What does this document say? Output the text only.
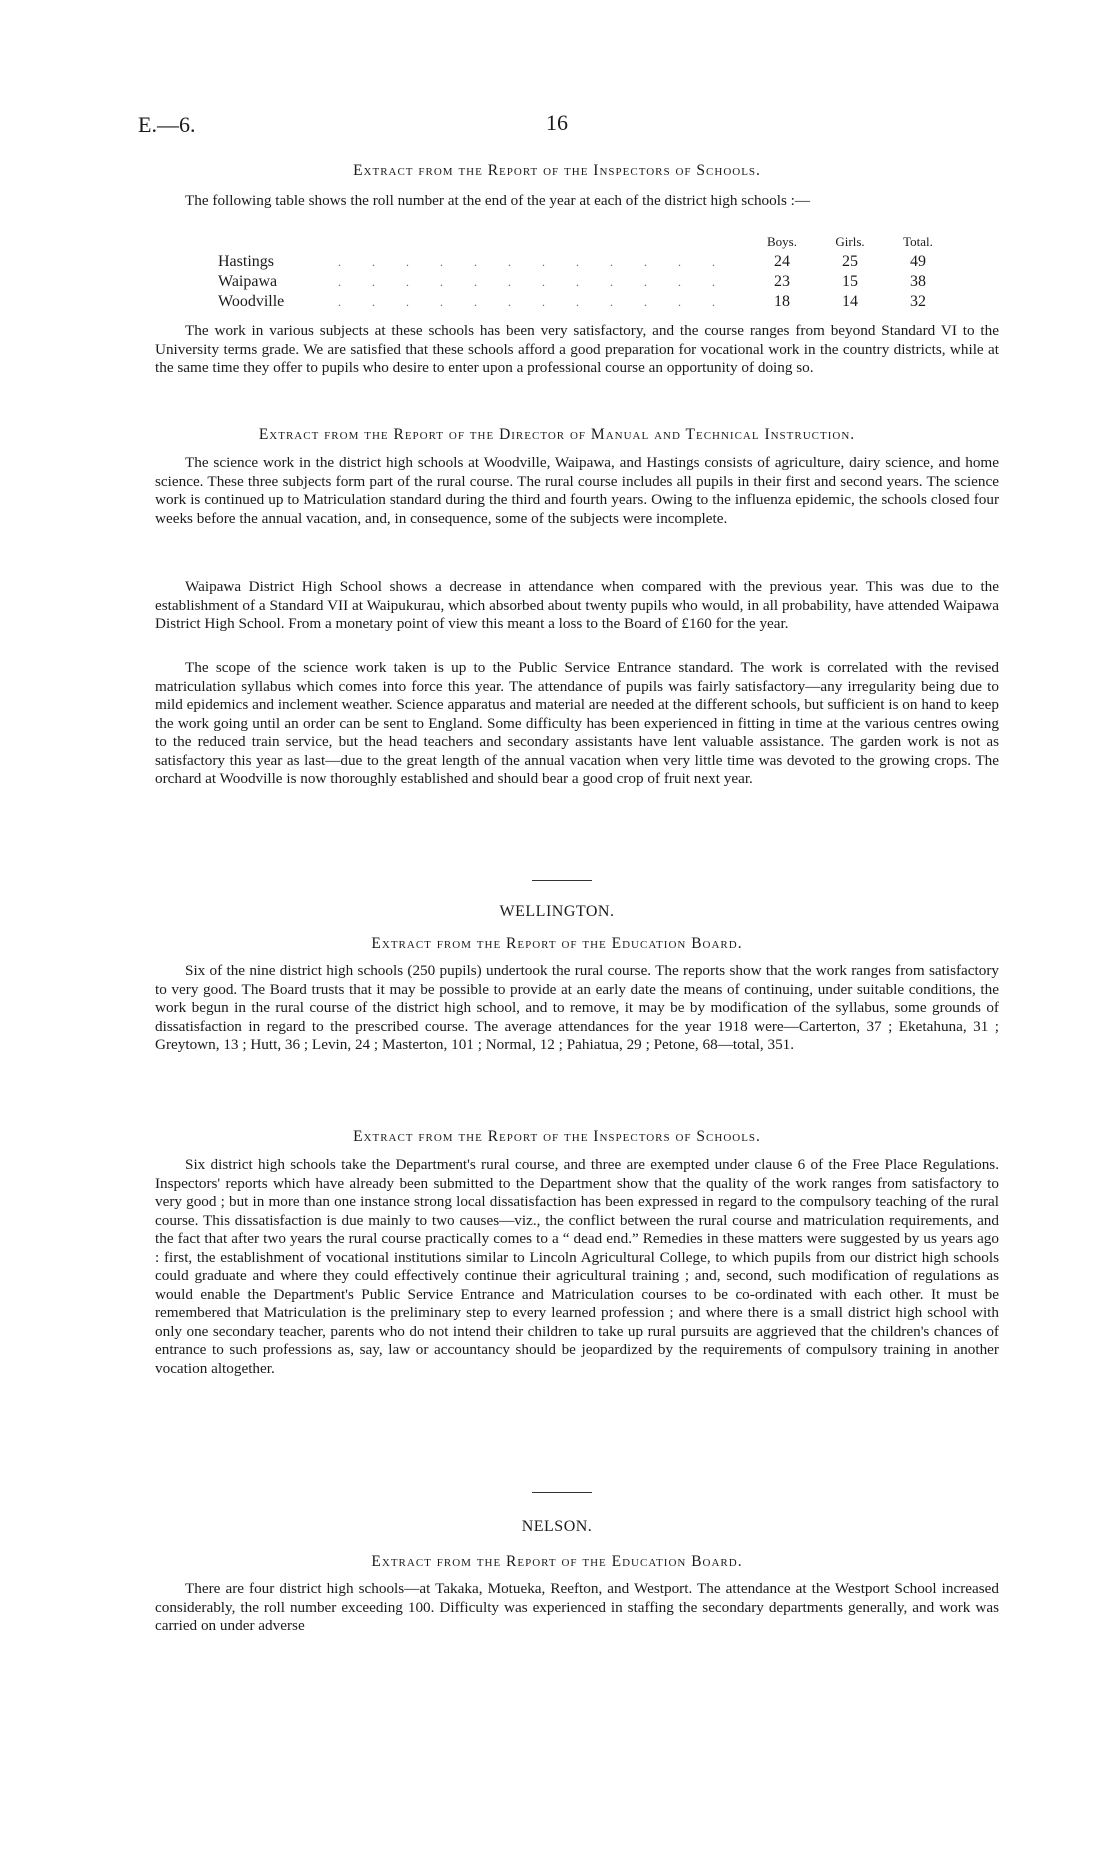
E.—6.	16
Extract from the Report of the Inspectors of Schools.

The following table shows the roll number at the end of the year at each of the district high schools :—

		Boys.	Girls.	Total.
Hastings	. . . . . . . . . . . .	24	25	49
Waipawa	. . . . . . . . . . . .	23	15	38
Woodville	. . . . . . . . . . . .	18	14	32

The work in various subjects at these schools has been very satisfactory, and the course ranges from beyond Standard VI to the University terms grade. We are satisfied that these schools afford a good preparation for vocational work in the country districts, while at the same time they offer to pupils who desire to enter upon a professional course an opportunity of doing so.

Extract from the Report of the Director of Manual and Technical Instruction.

The science work in the district high schools at Woodville, Waipawa, and Hastings consists of agriculture, dairy science, and home science. These three subjects form part of the rural course. The rural course includes all pupils in their first and second years. The science work is continued up to Matriculation standard during the third and fourth years. Owing to the influenza epidemic, the schools closed four weeks before the annual vacation, and, in consequence, some of the subjects were incomplete.

Waipawa District High School shows a decrease in attendance when compared with the previous year. This was due to the establishment of a Standard VII at Waipukurau, which absorbed about twenty pupils who would, in all probability, have attended Waipawa District High School. From a monetary point of view this meant a loss to the Board of £160 for the year.

The scope of the science work taken is up to the Public Service Entrance standard. The work is correlated with the revised matriculation syllabus which comes into force this year. The attendance of pupils was fairly satisfactory—any irregularity being due to mild epidemics and inclement weather. Science apparatus and material are needed at the different schools, but sufficient is on hand to keep the work going until an order can be sent to England. Some difficulty has been experienced in fitting in time at the various centres owing to the reduced train service, but the head teachers and secondary assistants have lent valuable assistance. The garden work is not as satisfactory this year as last—due to the great length of the annual vacation when very little time was devoted to the growing crops. The orchard at Woodville is now thoroughly established and should bear a good crop of fruit next year.

WELLINGTON.
Extract from the Report of the Education Board.

Six of the nine district high schools (250 pupils) undertook the rural course. The reports show that the work ranges from satisfactory to very good. The Board trusts that it may be possible to provide at an early date the means of continuing, under suitable conditions, the work begun in the rural course of the district high school, and to remove, it may be by modification of the syllabus, some grounds of dissatisfaction in regard to the prescribed course. The average attendances for the year 1918 were—Carterton, 37 ; Eketahuna, 31 ; Greytown, 13 ; Hutt, 36 ; Levin, 24 ; Masterton, 101 ; Normal, 12 ; Pahiatua, 29 ; Petone, 68—total, 351.

Extract from the Report of the Inspectors of Schools.

Six district high schools take the Department's rural course, and three are exempted under clause 6 of the Free Place Regulations. Inspectors' reports which have already been submitted to the Department show that the quality of the work ranges from satisfactory to very good ; but in more than one instance strong local dissatisfaction has been expressed in regard to the compulsory teaching of the rural course. This dissatisfaction is due mainly to two causes—viz., the conflict between the rural course and matriculation requirements, and the fact that after two years the rural course practically comes to a “ dead end.” Remedies in these matters were suggested by us years ago : first, the establishment of vocational institutions similar to Lincoln Agricultural College, to which pupils from our district high schools could graduate and where they could effectively continue their agricultural training ; and, second, such modification of regulations as would enable the Department's Public Service Entrance and Matriculation courses to be co-ordinated with each other. It must be remembered that Matriculation is the preliminary step to every learned profession ; and where there is a small district high school with only one secondary teacher, parents who do not intend their children to take up rural pursuits are aggrieved that the children's chances of entrance to such professions as, say, law or accountancy should be jeopardized by the requirements of compulsory training in another vocation altogether.

NELSON.
Extract from the Report of the Education Board.

There are four district high schools—at Takaka, Motueka, Reefton, and Westport. The attendance at the Westport School increased considerably, the roll number exceeding 100. Difficulty was experienced in staffing the secondary departments generally, and work was carried on under adverse
